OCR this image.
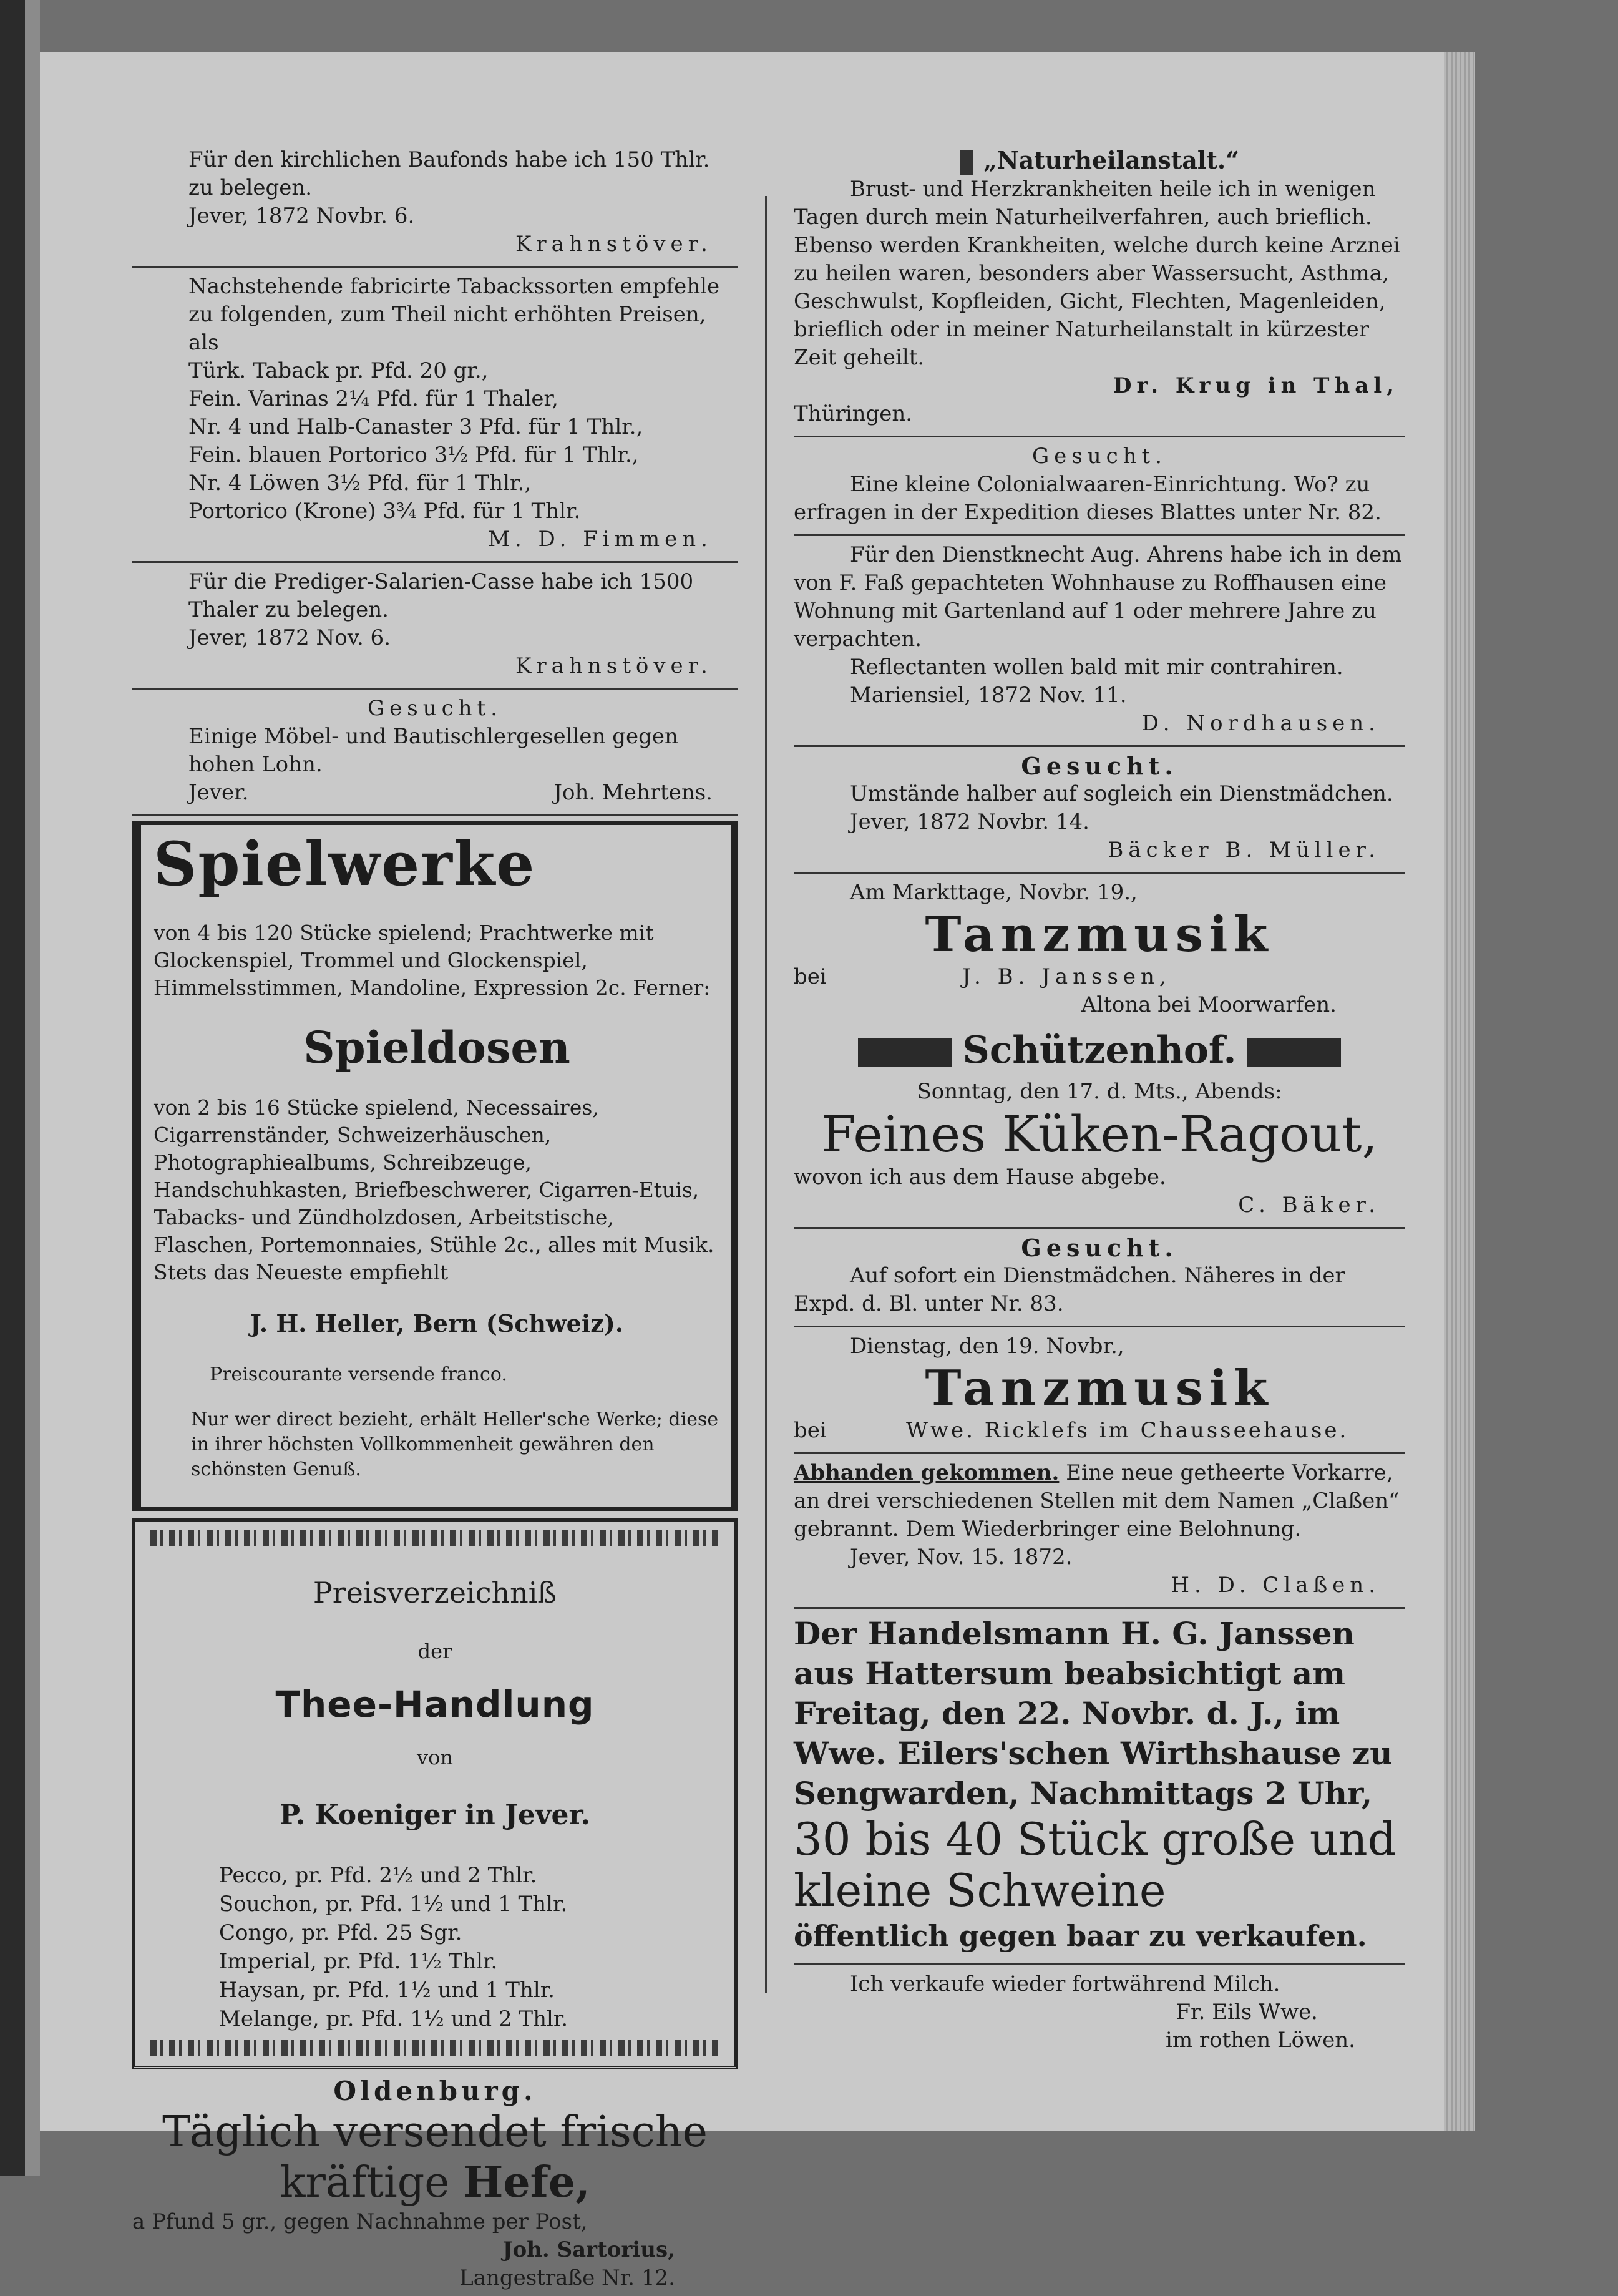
Für den kirchlichen Baufonds habe ich 150 Thlr. zu belegen.

Jever, 1872 Novbr. 6.

Krahnstöver.

Nachstehende fabricirte Tabackssorten empfehle zu folgenden, zum Theil nicht erhöhten Preisen, als

Türk. Taback pr. Pfd. 20 gr.,

Fein. Varinas 2¼ Pfd. für 1 Thaler,

Nr. 4 und Halb-Canaster 3 Pfd. für 1 Thlr.,

Fein. blauen Portorico 3½ Pfd. für 1 Thlr.,

Nr. 4 Löwen 3½ Pfd. für 1 Thlr.,

Portorico (Krone) 3¾ Pfd. für 1 Thlr.

M. D. Fimmen.

Für die Prediger-Salarien-Casse habe ich 1500 Thaler zu belegen.

Jever, 1872 Nov. 6.

Krahnstöver.

Gesucht.

Einige Möbel- und Bautischlergesellen gegen hohen Lohn.

Jever.	Joh. Mehrtens.

Spielwerke

von 4 bis 120 Stücke spielend; Prachtwerke mit Glockenspiel, Trommel und Glockenspiel, Himmelsstimmen, Mandoline, Expression 2c. Ferner:

Spieldosen

von 2 bis 16 Stücke spielend, Necessaires, Cigarrenständer, Schweizerhäuschen, Photographiealbums, Schreibzeuge, Handschuhkasten, Briefbeschwerer, Cigarren-Etuis, Tabacks- und Zündholzdosen, Arbeitstische, Flaschen, Portemonnaies, Stühle 2c., alles mit Musik. Stets das Neueste empfiehlt

J. H. Heller, Bern (Schweiz).

Preiscourante versende franco.

Nur wer direct bezieht, erhält Heller'sche Werke; diese in ihrer höchsten Vollkommenheit gewähren den schönsten Genuß.

Preisverzeichniß

der

Thee-Handlung

von

P. Koeniger in Jever.

Pecco, pr. Pfd. 2½ und 2 Thlr.

Souchon, pr. Pfd. 1½ und 1 Thlr.

Congo, pr. Pfd. 25 Sgr.

Imperial, pr. Pfd. 1½ Thlr.

Haysan, pr. Pfd. 1½ und 1 Thlr.

Melange, pr. Pfd. 1½ und 2 Thlr.

Oldenburg.
Täglich versendet frische
kräftige Hefe,

a Pfund 5 gr., gegen Nachnahme per Post,

Joh. Sartorius,

Langestraße Nr. 12.

„Naturheilanstalt.“

Brust- und Herzkrankheiten heile ich in wenigen Tagen durch mein Naturheilverfahren, auch brieflich. Ebenso werden Krankheiten, welche durch keine Arznei zu heilen waren, besonders aber Wassersucht, Asthma, Geschwulst, Kopfleiden, Gicht, Flechten, Magenleiden, brieflich oder in meiner Naturheilanstalt in kürzester Zeit geheilt.

Dr. Krug in Thal,

Thüringen.

Gesucht.

Eine kleine Colonialwaaren-Einrichtung. Wo? zu erfragen in der Expedition dieses Blattes unter Nr. 82.

Für den Dienstknecht Aug. Ahrens habe ich in dem von F. Faß gepachteten Wohnhause zu Roffhausen eine Wohnung mit Gartenland auf 1 oder mehrere Jahre zu verpachten.

Reflectanten wollen bald mit mir contrahiren.

Mariensiel, 1872 Nov. 11.

D. Nordhausen.

Gesucht.

Umstände halber auf sogleich ein Dienstmädchen.

Jever, 1872 Novbr. 14.

Bäcker B. Müller.

Am Markttage, Novbr. 19.,

Tanzmusik

bei	J. B. Janssen,

Altona bei Moorwarfen.

Schützenhof.

Sonntag, den 17. d. Mts., Abends:

Feines Küken-Ragout,

wovon ich aus dem Hause abgebe.

C. Bäker.

Gesucht.

Auf sofort ein Dienstmädchen. Näheres in der Expd. d. Bl. unter Nr. 83.

Dienstag, den 19. Novbr.,

Tanzmusik

bei	Wwe. Ricklefs im Chausseehause.

Abhanden gekommen. Eine neue getheerte Vorkarre, an drei verschiedenen Stellen mit dem Namen „Claßen“ gebrannt. Dem Wiederbringer eine Belohnung.

Jever, Nov. 15. 1872.

H. D. Claßen.

Der Handelsmann H. G. Janssen aus Hattersum beabsichtigt am Freitag, den 22. Novbr. d. J., im Wwe. Eilers'schen Wirthshause zu Sengwarden, Nachmittags 2 Uhr,

30 bis 40 Stück große und
kleine Schweine

öffentlich gegen baar zu verkaufen.

Ich verkaufe wieder fortwährend Milch.

Fr. Eils Wwe.

im rothen Löwen.
